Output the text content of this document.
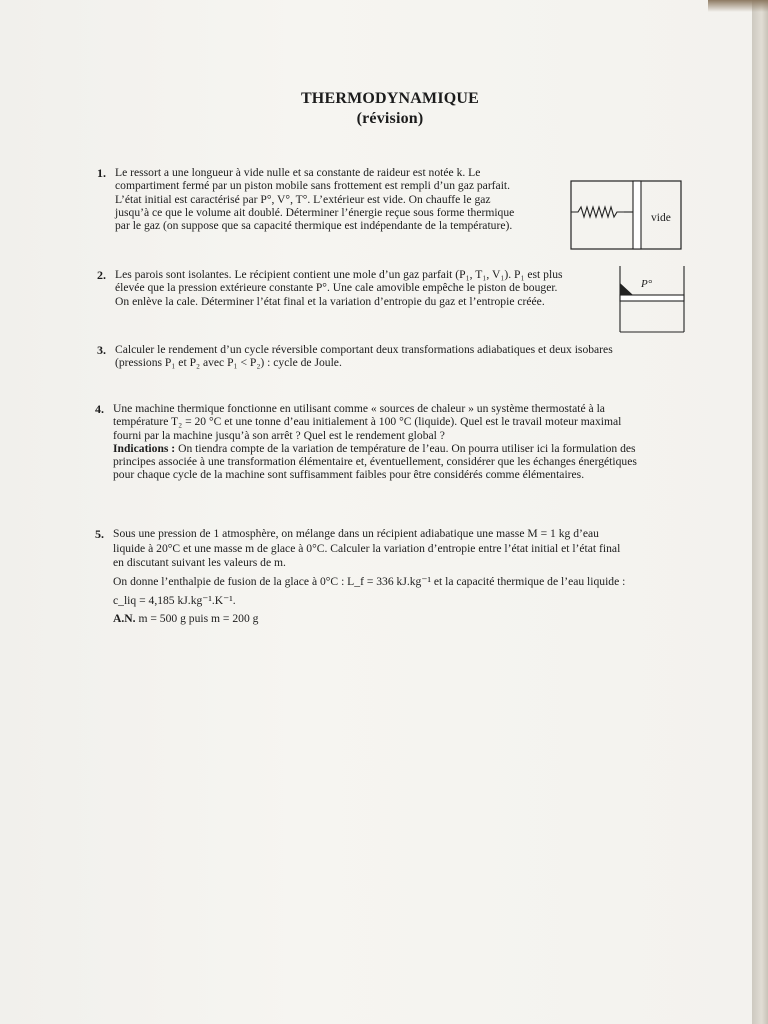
THERMODYNAMIQUE
(révision)
1. Le ressort a une longueur à vide nulle et sa constante de raideur est notée k. Le
compartiment fermé par un piston mobile sans frottement est rempli d’un gaz parfait.
L’état initial est caractérisé par P°, V°, T°. L’extérieur est vide. On chauffe le gaz
jusqu’à ce que le volume ait doublé. Déterminer l’énergie reçue sous forme thermique
par le gaz (on suppose que sa capacité thermique est indépendante de la température).
vide
2. Les parois sont isolantes. Le récipient contient une mole d’un gaz parfait (P₁, T₁, V₁). P₁ est plus
élevée que la pression extérieure constante P°. Une cale amovible empêche le piston de bouger.
On enlève la cale. Déterminer l’état final et la variation d’entropie du gaz et l’entropie créée.
P°
3. Calculer le rendement d’un cycle réversible comportant deux transformations adiabatiques et deux isobares
(pressions P₁ et P₂ avec P₁ < P₂) : cycle de Joule.
4. Une machine thermique fonctionne en utilisant comme « sources de chaleur » un système thermostaté à la
température T₂ = 20 °C et une tonne d’eau initialement à 100 °C (liquide). Quel est le travail moteur maximal
fourni par la machine jusqu’à son arrêt ? Quel est le rendement global ?
Indications : On tiendra compte de la variation de température de l’eau. On pourra utiliser ici la formulation des
principes associée à une transformation élémentaire et, éventuellement, considérer que les échanges énergétiques
pour chaque cycle de la machine sont suffisamment faibles pour être considérés comme élémentaires.
5. Sous une pression de 1 atmosphère, on mélange dans un récipient adiabatique une masse M = 1 kg d’eau
liquide à 20°C et une masse m de glace à 0°C. Calculer la variation d’entropie entre l’état initial et l’état final
en discutant suivant les valeurs de m.
On donne l’enthalpie de fusion de la glace à 0°C : L_f = 336 kJ.kg⁻¹ et la capacité thermique de l’eau liquide :
c_liq = 4,185 kJ.kg⁻¹.K⁻¹.
A.N. m = 500 g puis m = 200 g
